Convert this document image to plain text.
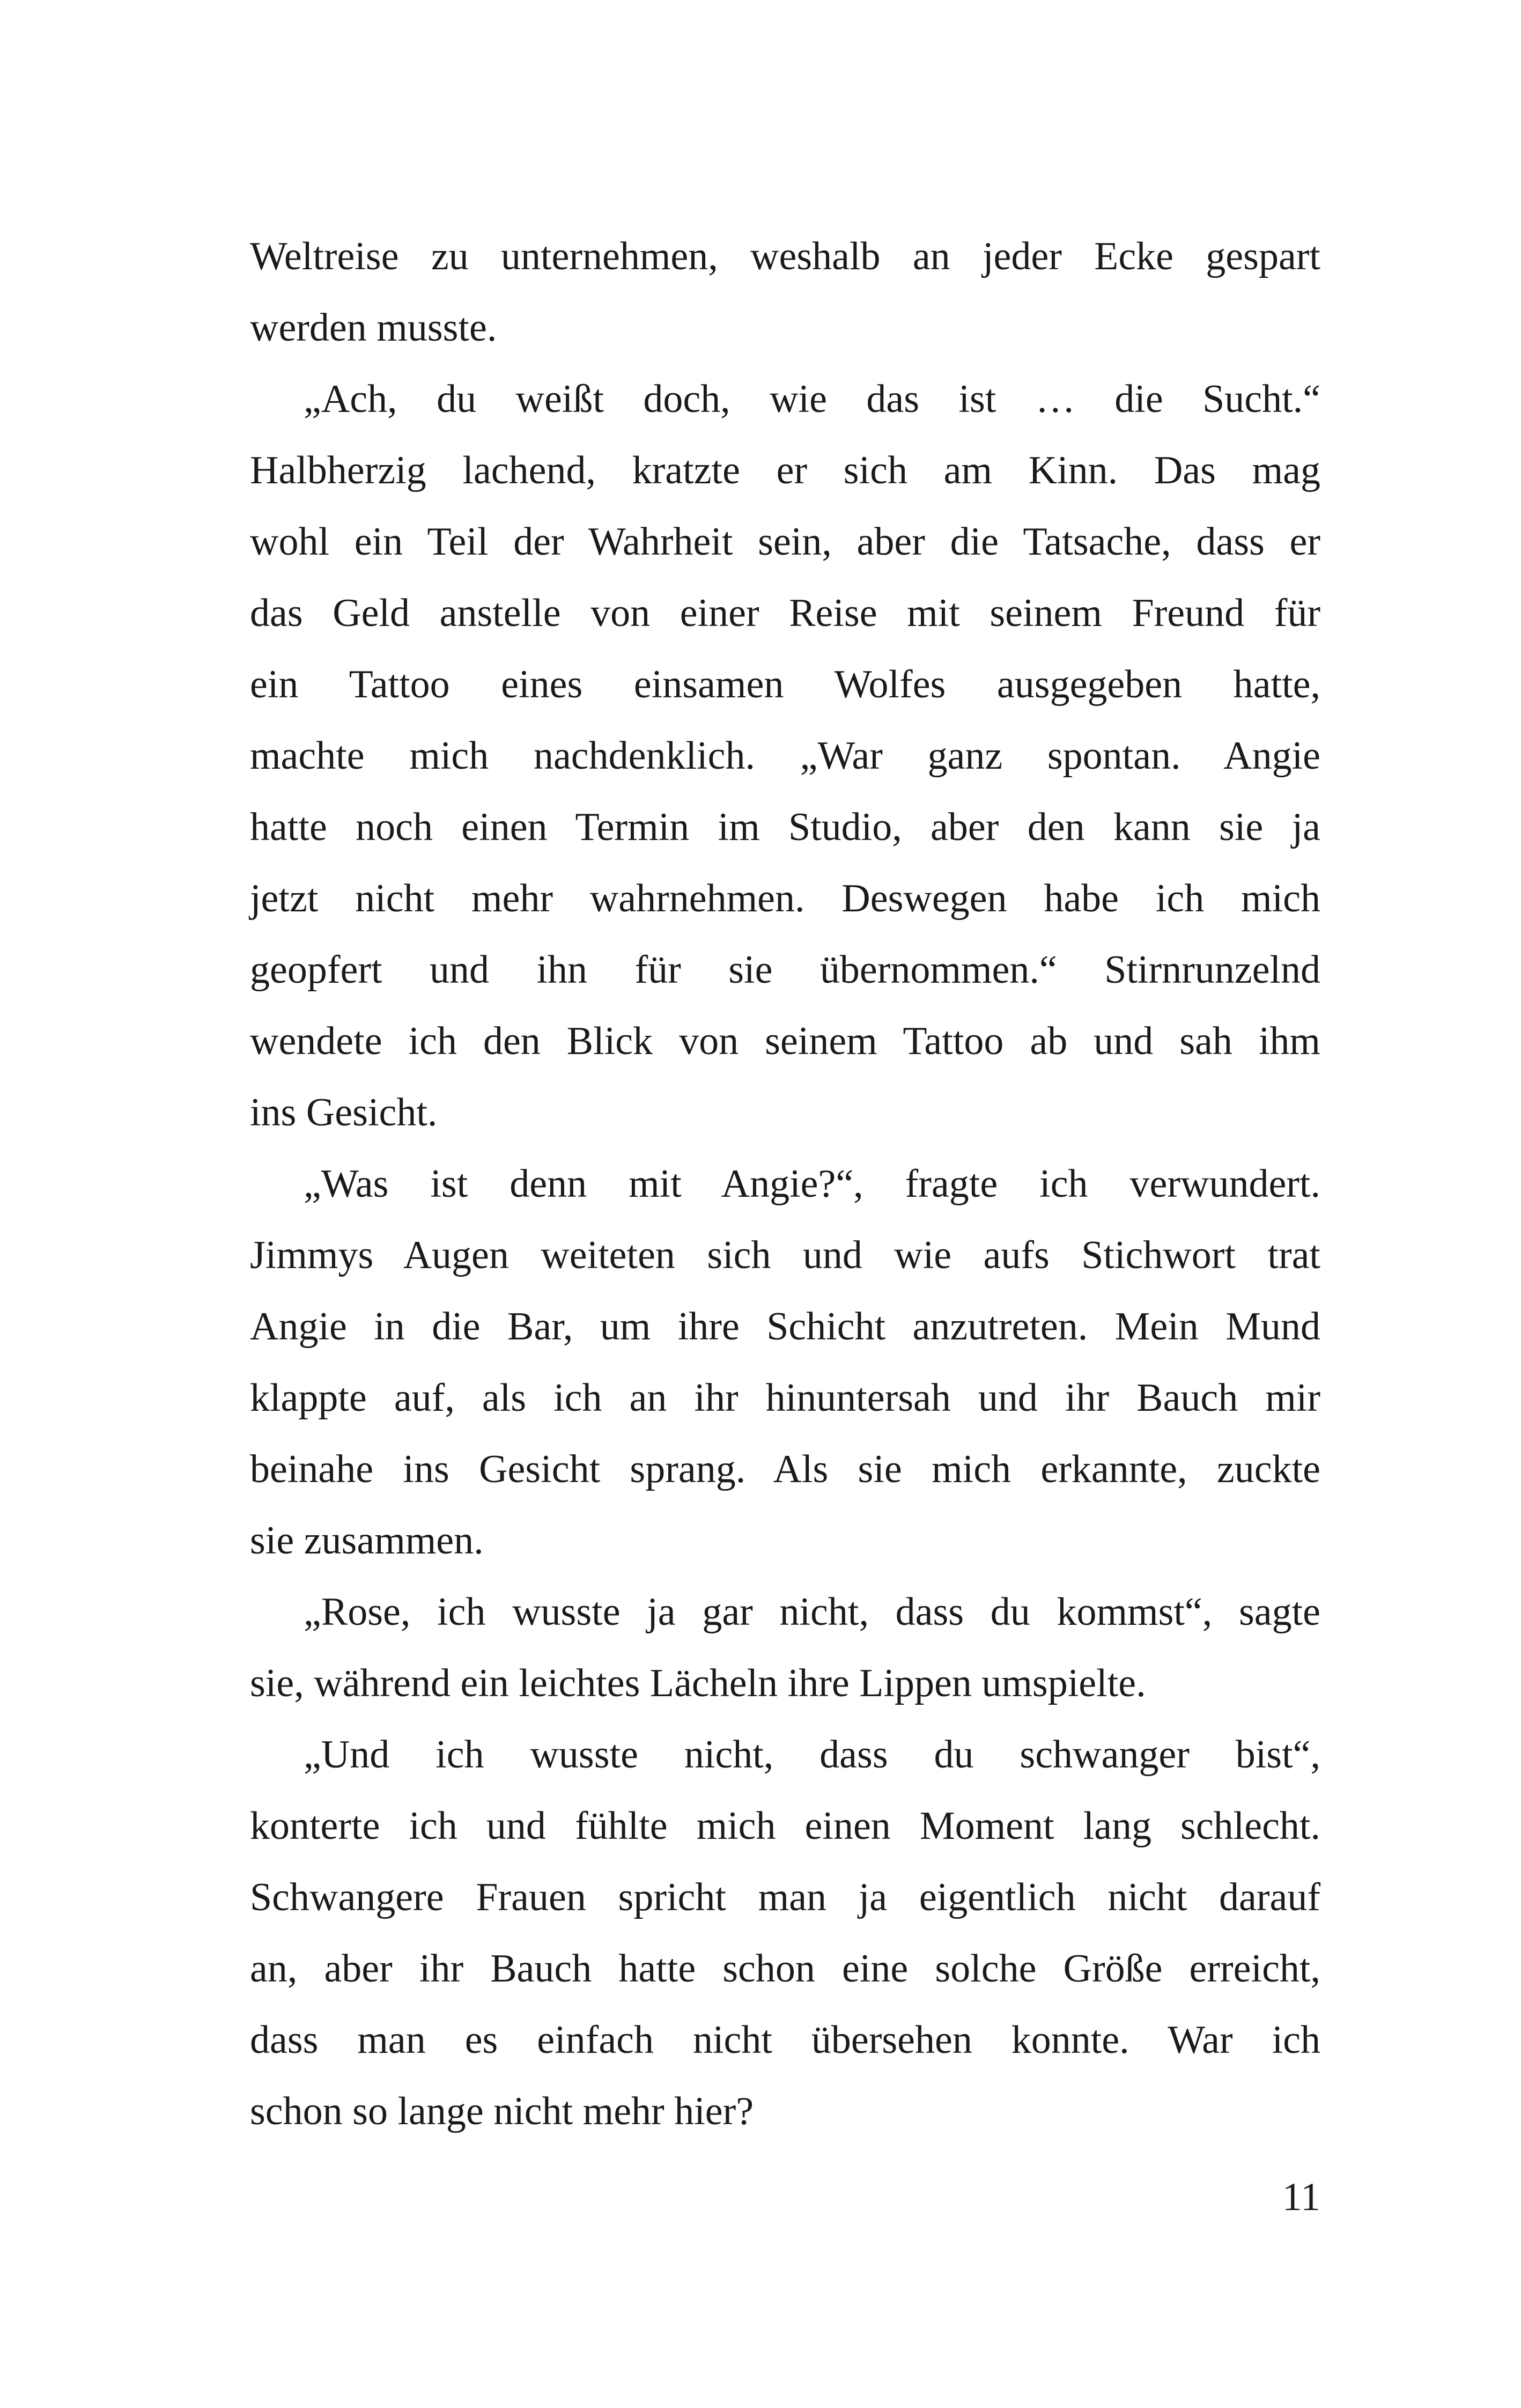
Weltreise zu unternehmen, weshalb an jeder Ecke gespart
werden musste.
„Ach, du weißt doch, wie das ist … die Sucht.“
Halbherzig lachend, kratzte er sich am Kinn. Das mag
wohl ein Teil der Wahrheit sein, aber die Tatsache, dass er
das Geld anstelle von einer Reise mit seinem Freund für
ein Tattoo eines einsamen Wolfes ausgegeben hatte,
machte mich nachdenklich. „War ganz spontan. Angie
hatte noch einen Termin im Studio, aber den kann sie ja
jetzt nicht mehr wahrnehmen. Deswegen habe ich mich
geopfert und ihn für sie übernommen.“ Stirnrunzelnd
wendete ich den Blick von seinem Tattoo ab und sah ihm
ins Gesicht.
„Was ist denn mit Angie?“, fragte ich verwundert.
Jimmys Augen weiteten sich und wie aufs Stichwort trat
Angie in die Bar, um ihre Schicht anzutreten. Mein Mund
klappte auf, als ich an ihr hinuntersah und ihr Bauch mir
beinahe ins Gesicht sprang. Als sie mich erkannte, zuckte
sie zusammen.
„Rose, ich wusste ja gar nicht, dass du kommst“, sagte
sie, während ein leichtes Lächeln ihre Lippen umspielte.
„Und ich wusste nicht, dass du schwanger bist“,
konterte ich und fühlte mich einen Moment lang schlecht.
Schwangere Frauen spricht man ja eigentlich nicht darauf
an, aber ihr Bauch hatte schon eine solche Größe erreicht,
dass man es einfach nicht übersehen konnte. War ich
schon so lange nicht mehr hier?
11
